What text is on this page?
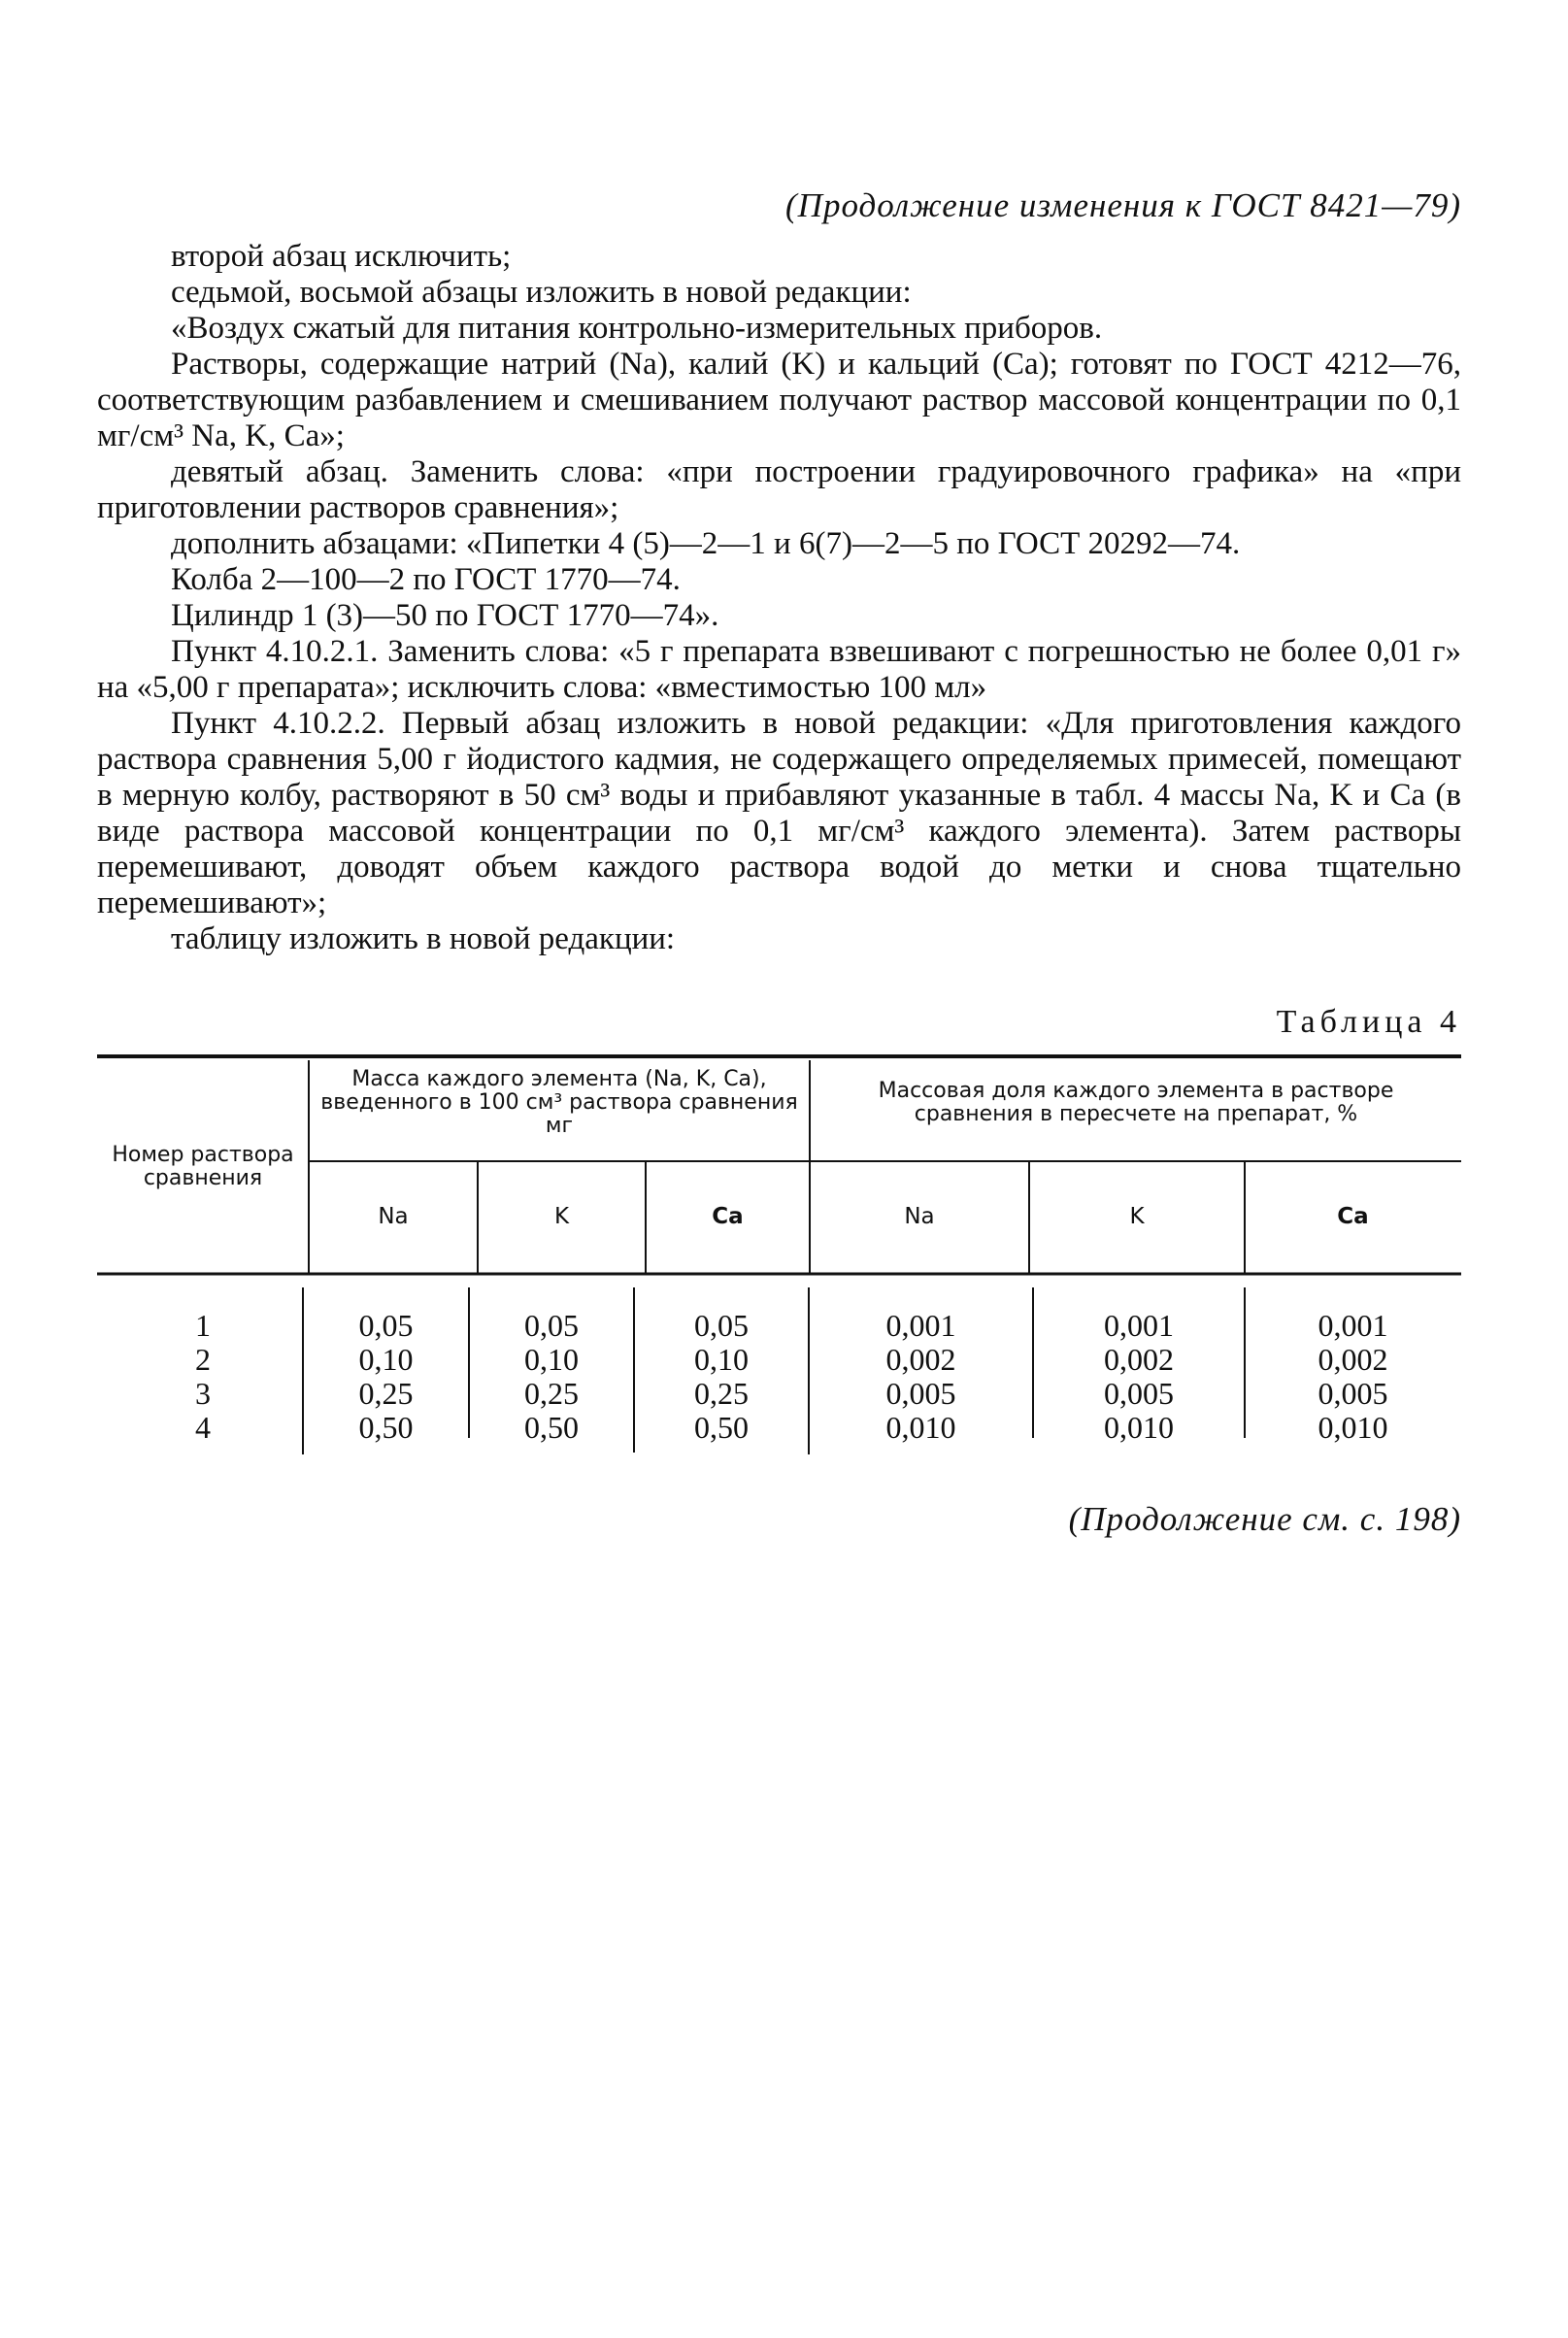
(Продолжение изменения к ГОСТ 8421—79)

второй абзац исключить;

седьмой, восьмой абзацы изложить в новой редакции:

«Воздух сжатый для питания контрольно-измерительных приборов.

Растворы, содержащие натрий (Na), калий (K) и кальций (Ca); готовят по ГОСТ 4212—76, соответствующим разбавлением и смешиванием получают раствор массовой концентрации по 0,1 мг/см³ Na, K, Ca»;

девятый абзац. Заменить слова: «при построении градуировочного графика» на «при приготовлении растворов сравнения»;

дополнить абзацами: «Пипетки 4 (5)—2—1 и 6(7)—2—5 по ГОСТ 20292—74.

Колба 2—100—2 по ГОСТ 1770—74.

Цилиндр 1 (3)—50 по ГОСТ 1770—74».

Пункт 4.10.2.1. Заменить слова: «5 г препарата взвешивают с погрешностью не более 0,01 г» на «5,00 г препарата»; исключить слова: «вместимостью 100 мл»

Пункт 4.10.2.2. Первый абзац изложить в новой редакции: «Для приготовления каждого раствора сравнения 5,00 г йодистого кадмия, не содержащего определяемых примесей, помещают в мерную колбу, растворяют в 50 см³ воды и прибавляют указанные в табл. 4 массы Na, K и Ca (в виде раствора массовой концентрации по 0,1 мг/см³ каждого элемента). Затем растворы перемешивают, доводят объем каждого раствора водой до метки и снова тщательно перемешивают»;

таблицу изложить в новой редакции:

Таблица 4
Номер раствора сравнения
Масса каждого элемента (Na, K, Ca), введенного в 100 см³ раствора сравнения мг
Массовая доля каждого элемента в растворе сравнения в пересчете на препарат, %
Na	K	Ca	Na	K	Ca
1	0,05	0,05	0,05	0,001	0,001	0,001
2	0,10	0,10	0,10	0,002	0,002	0,002
3	0,25	0,25	0,25	0,005	0,005	0,005
4	0,50	0,50	0,50	0,010	0,010	0,010
(Продолжение см. с. 198)
